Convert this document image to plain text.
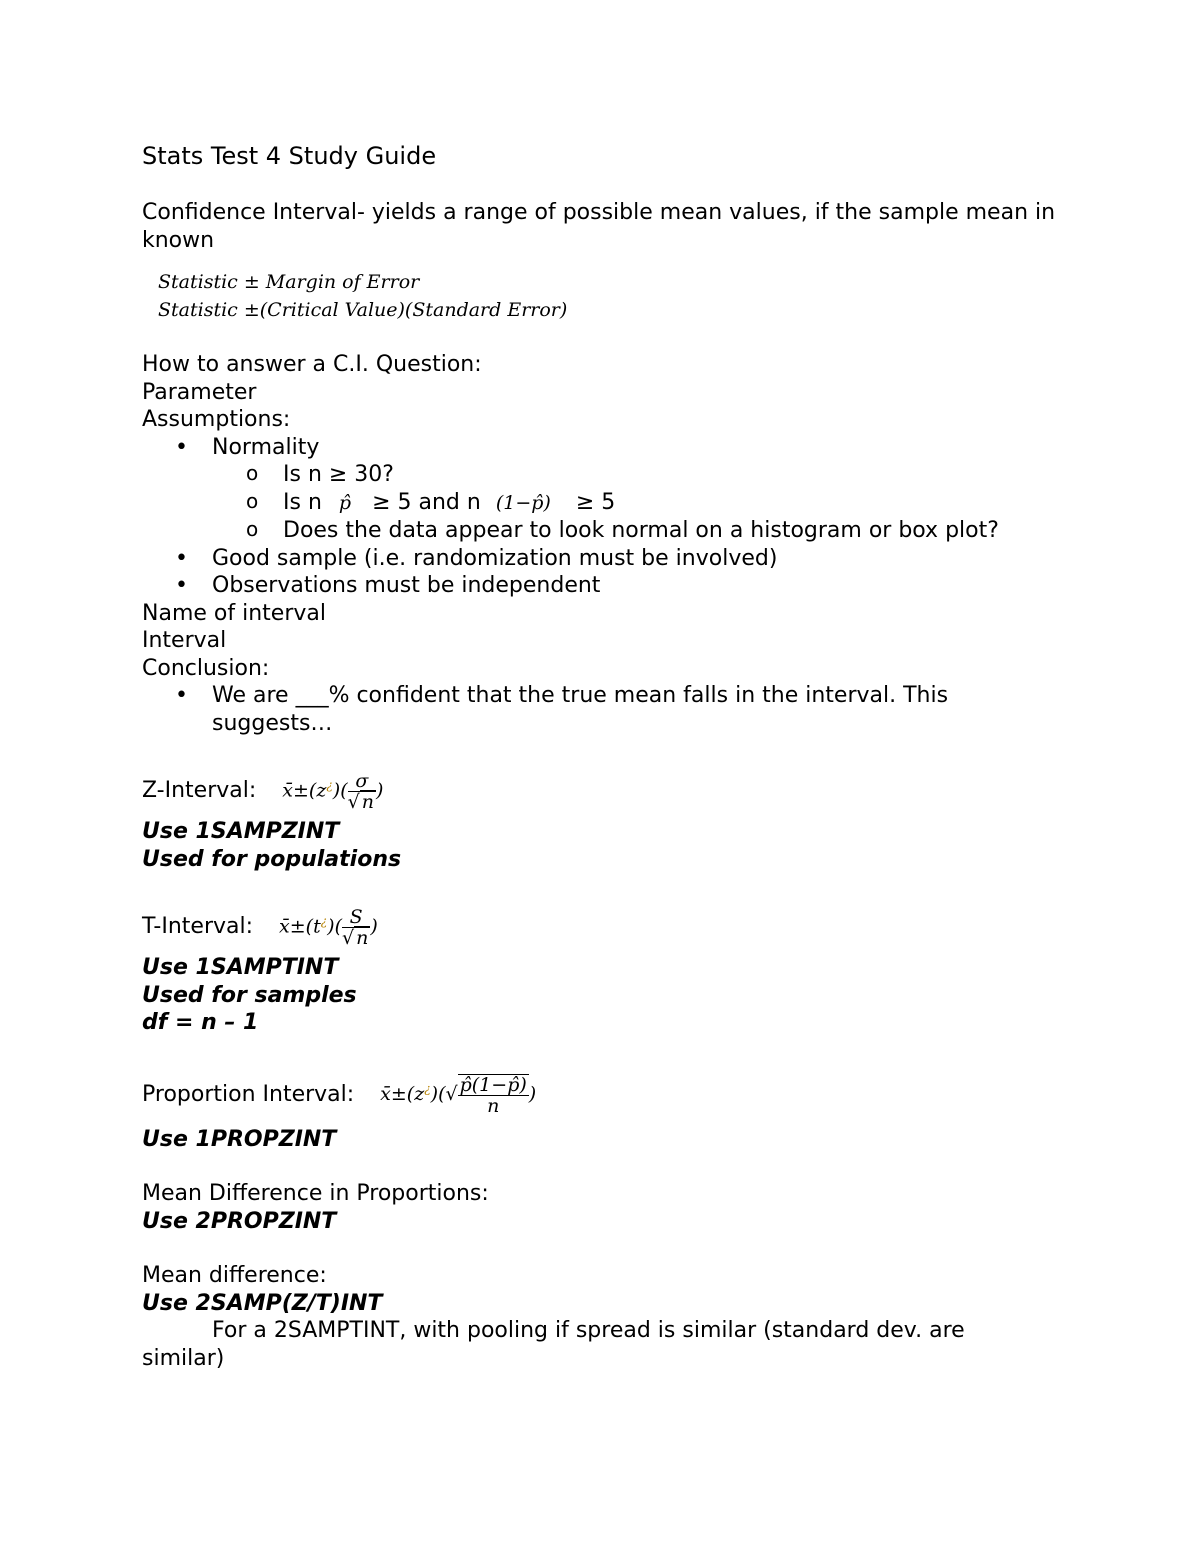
Stats Test 4 Study Guide
Confidence Interval- yields a range of possible mean values, if the sample mean in known
Statistic ± Margin of Error
Statistic ±(Critical Value)(Standard Error)
How to answer a C.I. Question:
Parameter
Assumptions:
• Normality
o Is n ≥ 30?
o Is n p̂ ≥ 5 and n (1−p̂) ≥ 5
o Does the data appear to look normal on a histogram or box plot?
• Good sample (i.e. randomization must be involved)
• Observations must be independent
Name of interval
Interval
Conclusion:
• We are ___% confident that the true mean falls in the interval. This suggests…
Z-Interval: x̄±(z¿)( $\frac{\sigma}{√ n}$ )
Use 1SAMPZINT
Used for populations
T-Interval: x̄±(t¿)( $\frac{S}{√ n}$ )
Use 1SAMPTINT
Used for samples
df = n – 1
Proportion Interval: x̄±(z¿)(√ $\frac{p̂(1-p̂)}{n}$ )
Use 1PROPZINT
Mean Difference in Proportions:
Use 2PROPZINT
Mean difference:
Use 2SAMP(Z/T)INT
For a 2SAMPTINT, with pooling if spread is similar (standard dev. are
similar)
